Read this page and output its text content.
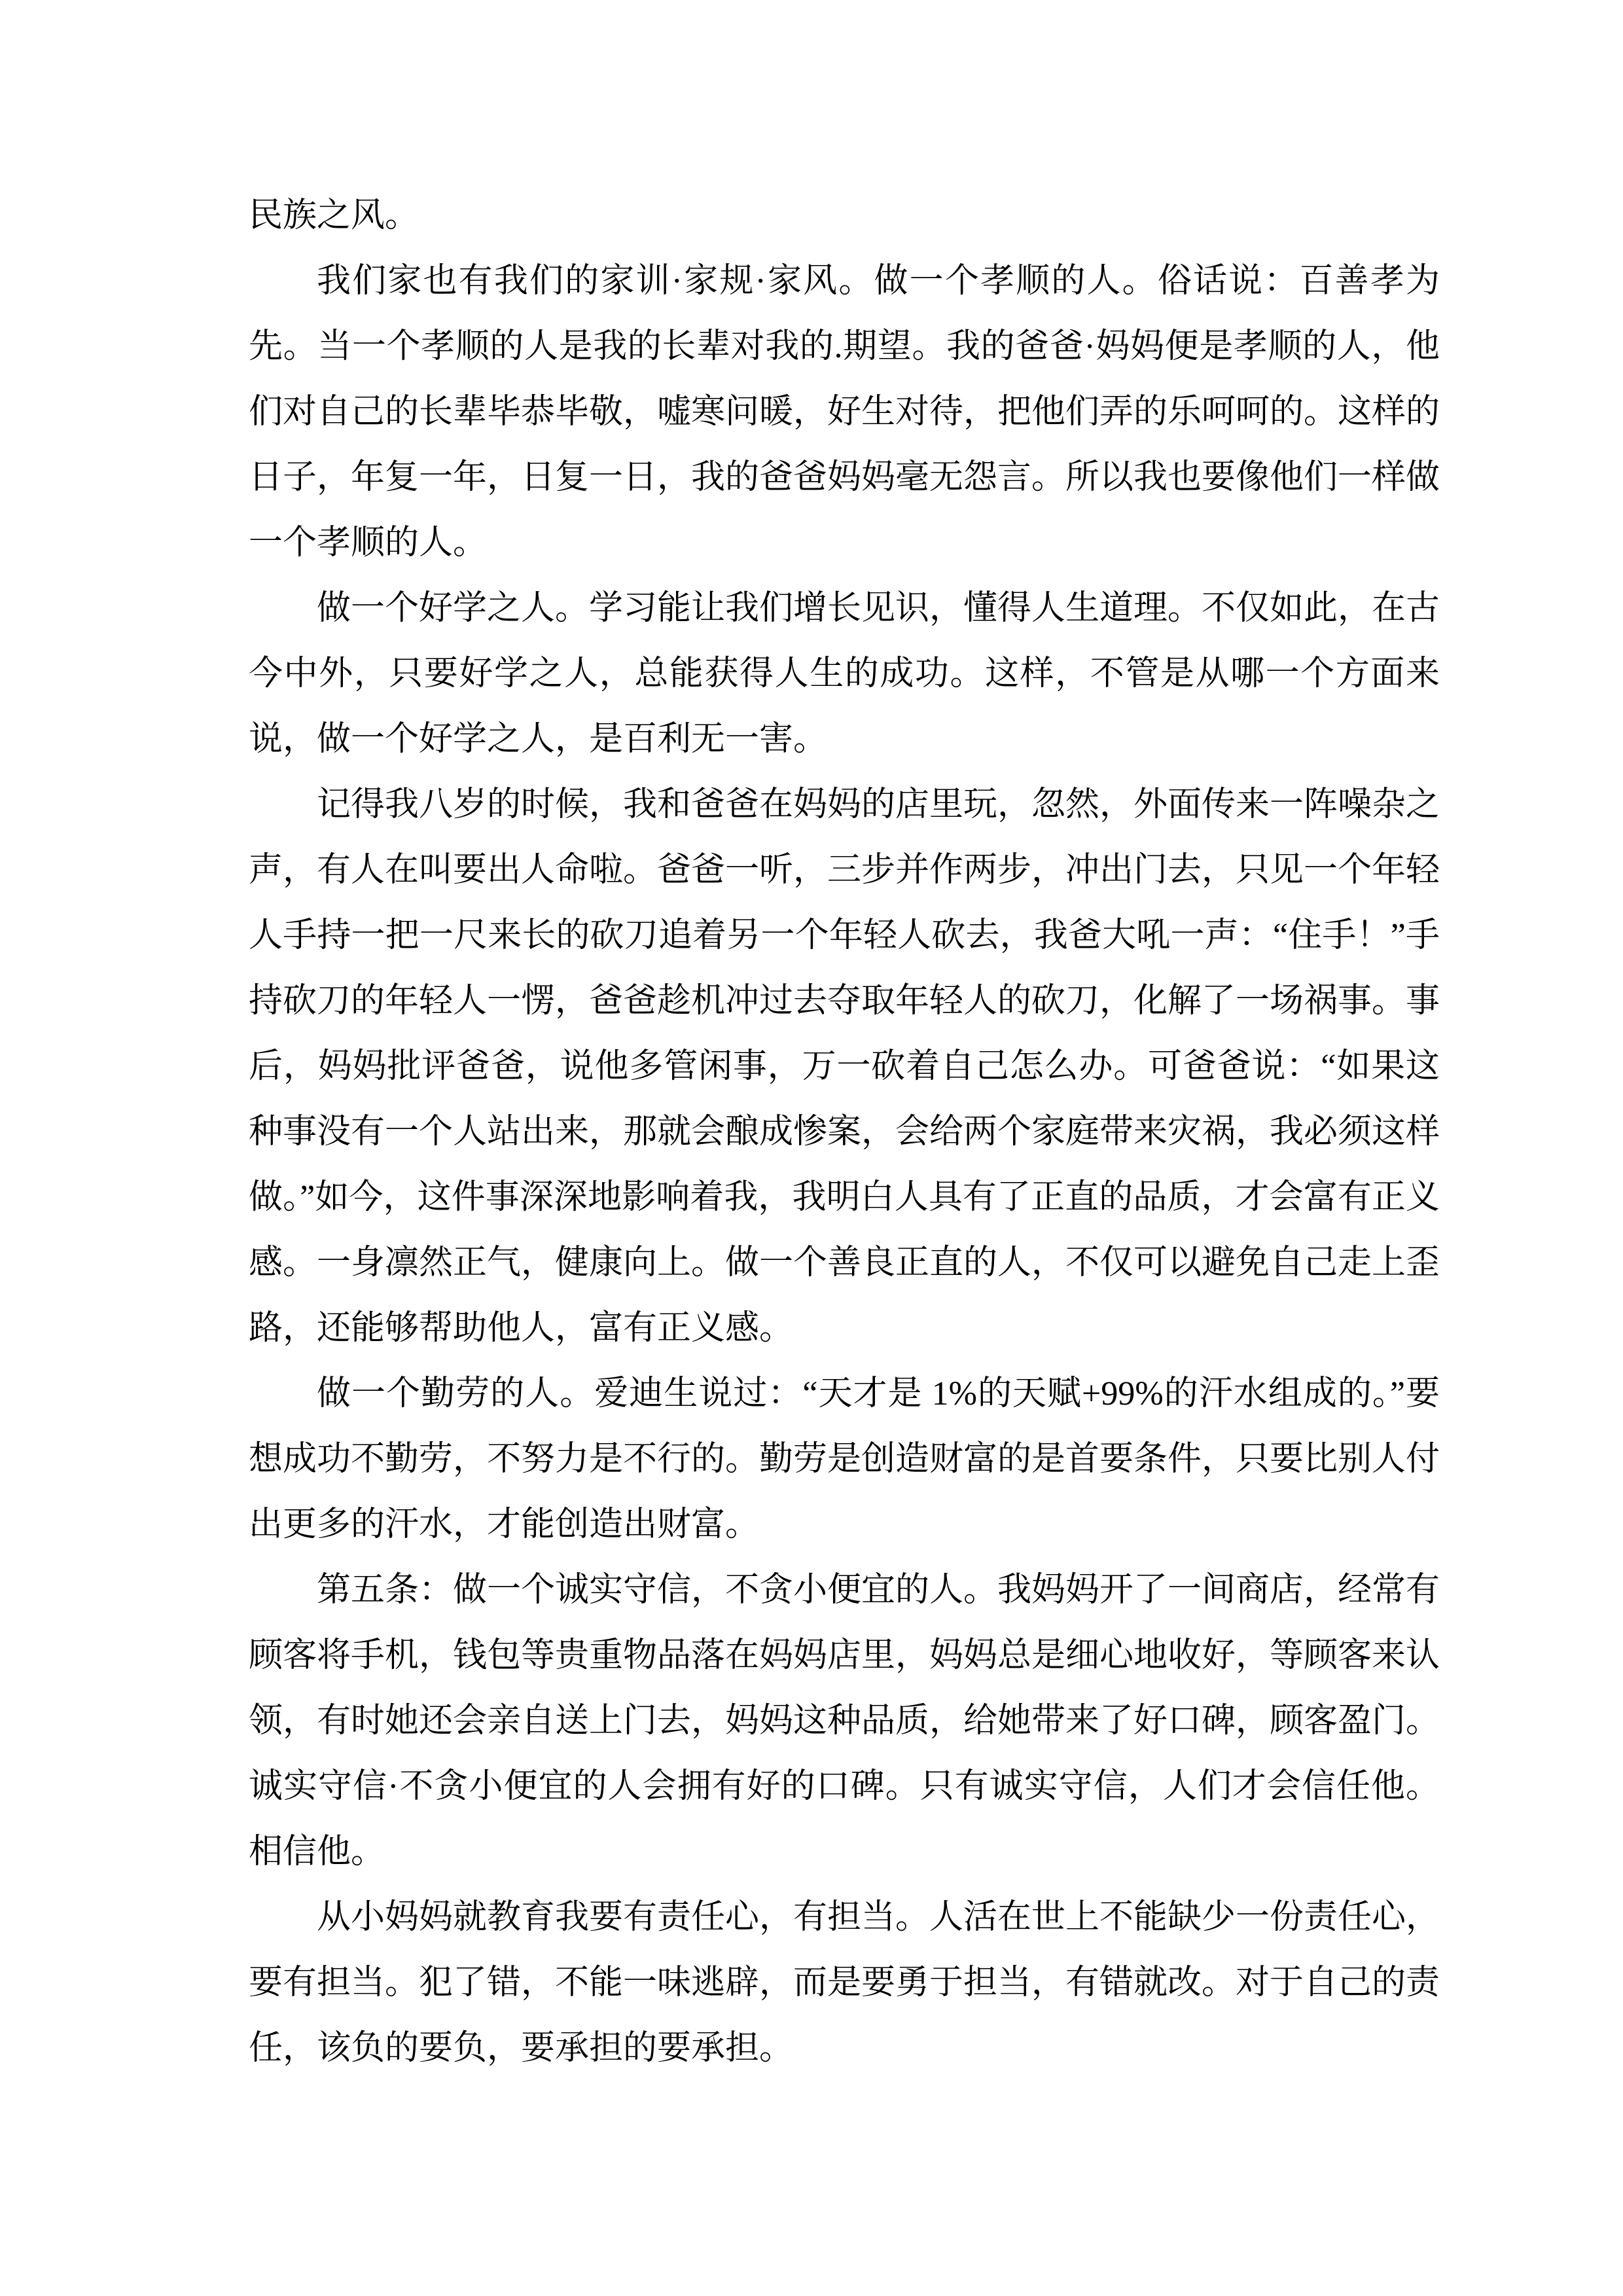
民族之风。

我们家也有我们的家训·家规·家风。做一个孝顺的人。俗话说：百善孝为先。当一个孝顺的人是我的长辈对我的.期望。我的爸爸·妈妈便是孝顺的人，他们对自己的长辈毕恭毕敬，嘘寒问暖，好生对待，把他们弄的乐呵呵的。这样的日子，年复一年，日复一日，我的爸爸妈妈毫无怨言。所以我也要像他们一样做一个孝顺的人。

做一个好学之人。学习能让我们增长见识，懂得人生道理。不仅如此，在古今中外，只要好学之人，总能获得人生的成功。这样，不管是从哪一个方面来说，做一个好学之人，是百利无一害。

记得我八岁的时候，我和爸爸在妈妈的店里玩，忽然，外面传来一阵噪杂之声，有人在叫要出人命啦。爸爸一听，三步并作两步，冲出门去，只见一个年轻人手持一把一尺来长的砍刀追着另一个年轻人砍去，我爸大吼一声：“住手！”手持砍刀的年轻人一愣，爸爸趁机冲过去夺取年轻人的砍刀，化解了一场祸事。事后，妈妈批评爸爸，说他多管闲事，万一砍着自己怎么办。可爸爸说：“如果这种事没有一个人站出来，那就会酿成惨案，会给两个家庭带来灾祸，我必须这样做。”如今，这件事深深地影响着我，我明白人具有了正直的品质，才会富有正义感。一身凛然正气，健康向上。做一个善良正直的人，不仅可以避免自己走上歪路，还能够帮助他人，富有正义感。

做一个勤劳的人。爱迪生说过：“天才是 1%的天赋+99%的汗水组成的。”要想成功不勤劳，不努力是不行的。勤劳是创造财富的是首要条件，只要比别人付出更多的汗水，才能创造出财富。

第五条：做一个诚实守信，不贪小便宜的人。我妈妈开了一间商店，经常有顾客将手机，钱包等贵重物品落在妈妈店里，妈妈总是细心地收好，等顾客来认领，有时她还会亲自送上门去，妈妈这种品质，给她带来了好口碑，顾客盈门。诚实守信·不贪小便宜的人会拥有好的口碑。只有诚实守信，人们才会信任他。相信他。

从小妈妈就教育我要有责任心，有担当。人活在世上不能缺少一份责任心，要有担当。犯了错，不能一味逃辟，而是要勇于担当，有错就改。对于自己的责任，该负的要负，要承担的要承担。
